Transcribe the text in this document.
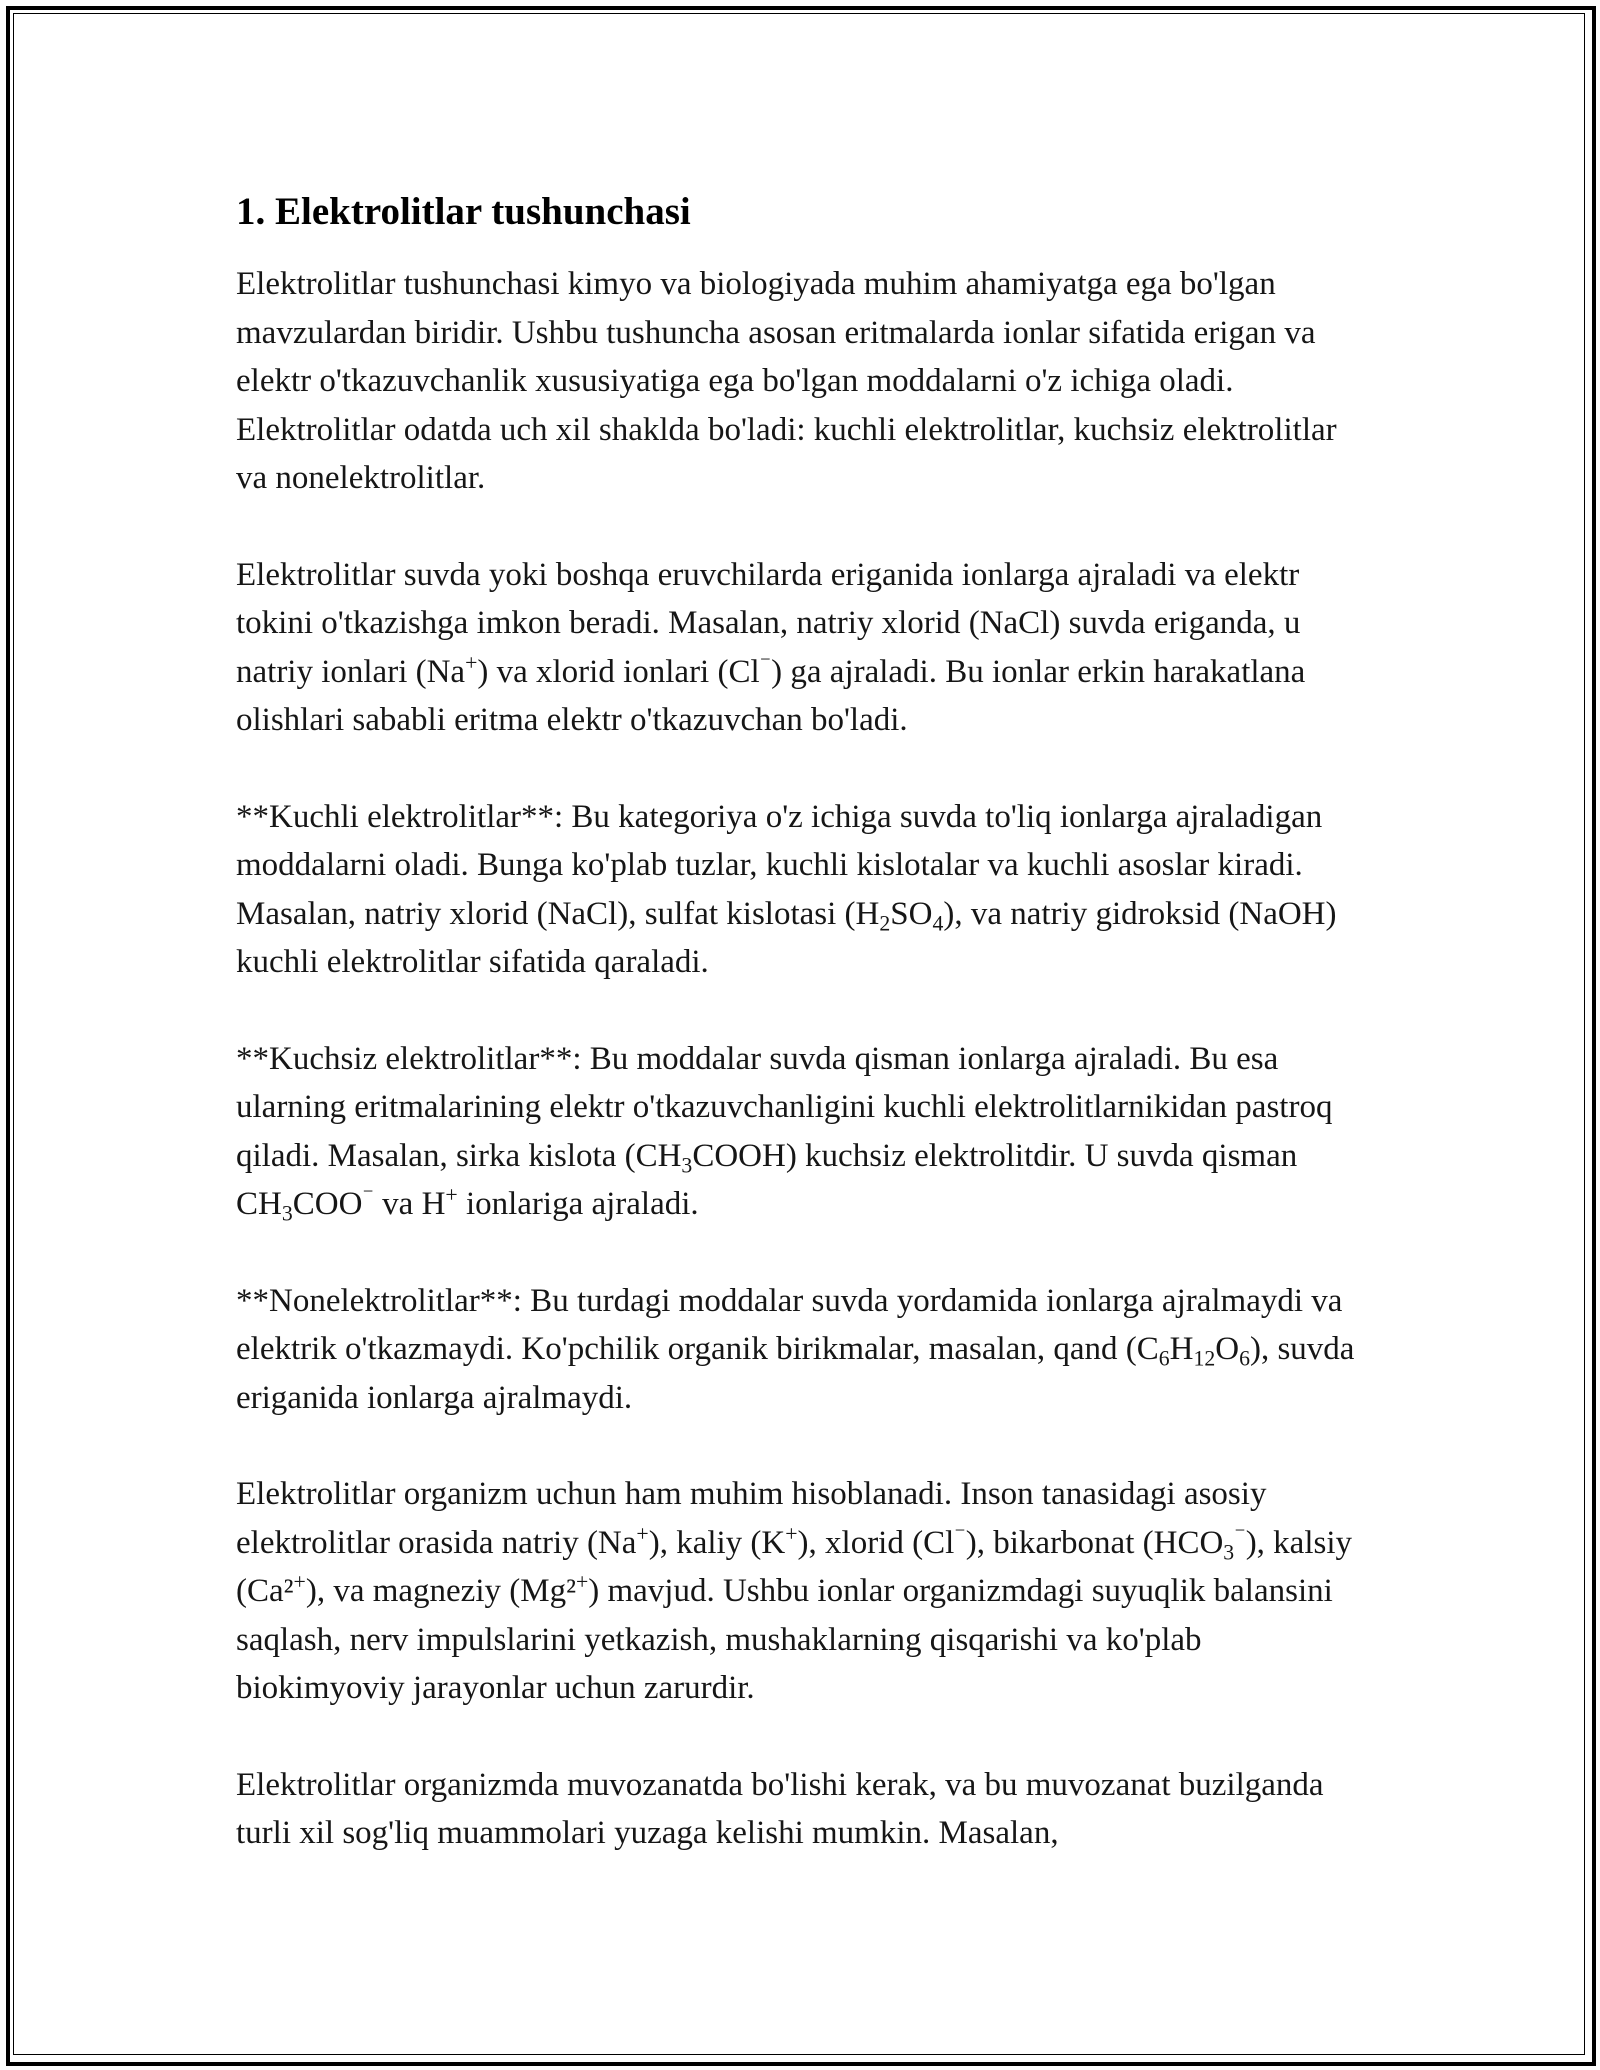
1. Elektrolitlar tushunchasi

Elektrolitlar tushunchasi kimyo va biologiyada muhim ahamiyatga ega bo'lgan mavzulardan biridir. Ushbu tushuncha asosan eritmalarda ionlar sifatida erigan va elektr o'tkazuvchanlik xususiyatiga ega bo'lgan moddalarni o'z ichiga oladi. Elektrolitlar odatda uch xil shaklda bo'ladi: kuchli elektrolitlar, kuchsiz elektrolitlar va nonelektrolitlar.

Elektrolitlar suvda yoki boshqa eruvchilarda eriganida ionlarga ajraladi va elektr tokini o'tkazishga imkon beradi. Masalan, natriy xlorid (NaCl) suvda eriganda, u natriy ionlari (Na+) va xlorid ionlari (Cl⁻) ga ajraladi. Bu ionlar erkin harakatlana olishlari sababli eritma elektr o'tkazuvchan bo'ladi.

**Kuchli elektrolitlar**: Bu kategoriya o'z ichiga suvda to'liq ionlarga ajraladigan moddalarni oladi. Bunga ko'plab tuzlar, kuchli kislotalar va kuchli asoslar kiradi. Masalan, natriy xlorid (NaCl), sulfat kislotasi $(H_2SO_4)$, va natriy gidroksid (NaOH) kuchli elektrolitlar sifatida qaraladi.

**Kuchsiz elektrolitlar**: Bu moddalar suvda qisman ionlarga ajraladi. Bu esa ularning eritmalarining elektr o'tkazuvchanligini kuchli elektrolitlarnikidan pastroq qiladi. Masalan, sirka kislota $(CH_3COOH)$ kuchsiz elektrolitdir. U suvda qisman $CH_3COO^{^-}$ va H+ ionlariga ajraladi.

**Nonelektrolitlar**: Bu turdagi moddalar suvda yordamida ionlarga ajralmaydi va elektrik o'tkazmaydi. Ko'pchilik organik birikmalar, masalan, qand $(C_6H_{12}O_6)$, suvda eriganida ionlarga ajralmaydi.

Elektrolitlar organizm uchun ham muhim hisoblanadi. Inson tanasidagi asosiy elektrolitlar orasida natriy (Na+), kaliy (K+), xlorid (Cl⁻), bikarbonat $(HCO_3^{^-})$, kalsiy (Ca²+), va magneziy (Mg²+) mavjud. Ushbu ionlar organizmdagi suyuqlik balansini saqlash, nerv impulslarini yetkazish, mushaklarning qisqarishi va ko'plab biokimyoviy jarayonlar uchun zarurdir.

Elektrolitlar organizmda muvozanatda bo'lishi kerak, va bu muvozanat buzilganda turli xil sog'liq muammolari yuzaga kelishi mumkin. Masalan,
